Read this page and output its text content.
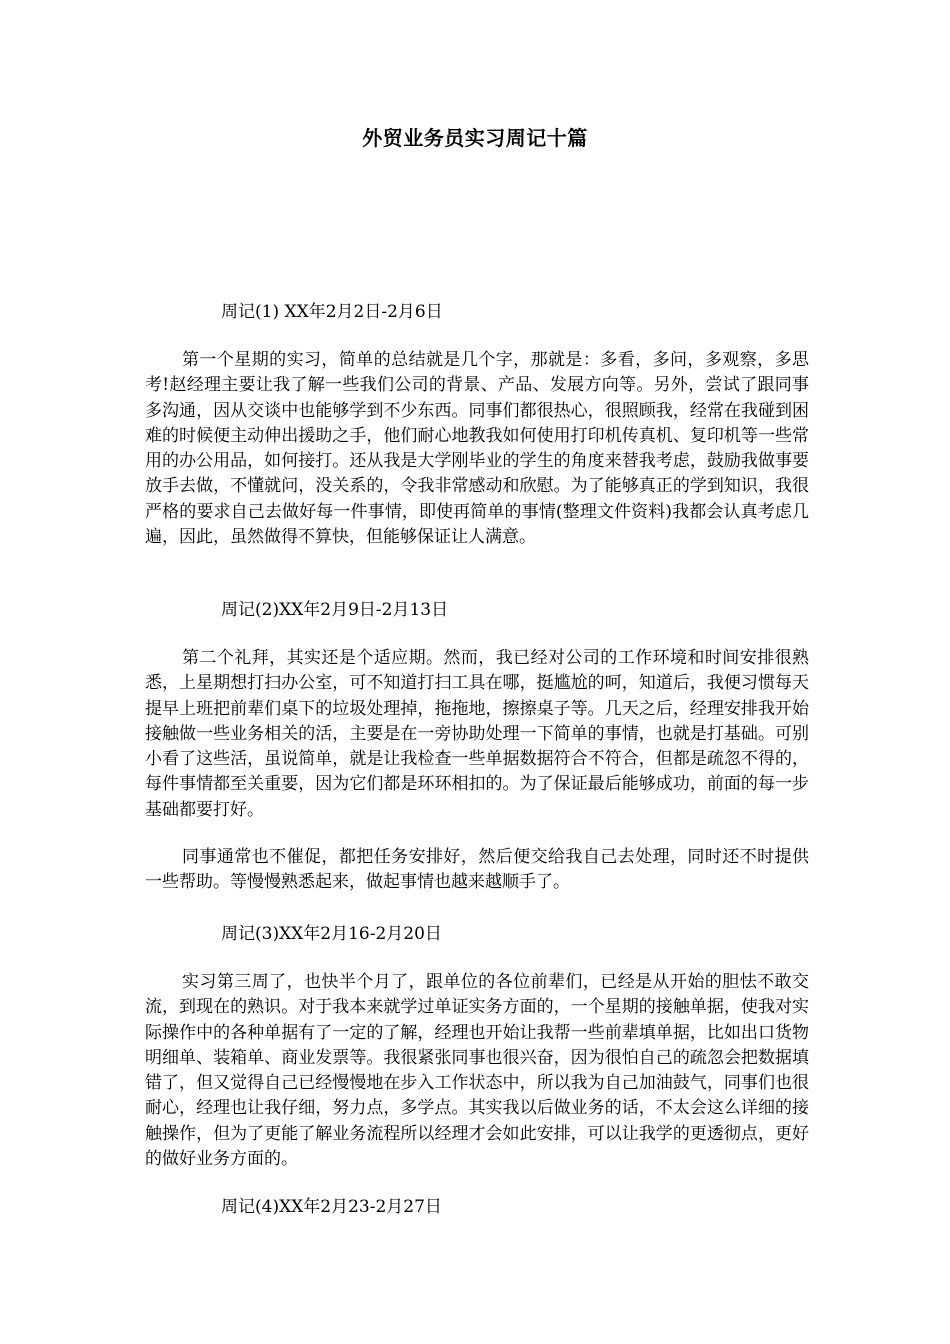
外贸业务员实习周记十篇
周记(1) XX年2月2日-2月6日

第一个星期的实习，简单的总结就是几个字，那就是：多看，多问，多观察，多思考!赵经理主要让我了解一些我们公司的背景、产品、发展方向等。另外，尝试了跟同事多沟通，因从交谈中也能够学到不少东西。同事们都很热心，很照顾我，经常在我碰到困难的时候便主动伸出援助之手，他们耐心地教我如何使用打印机传真机、复印机等一些常用的办公用品，如何接打。还从我是大学刚毕业的学生的角度来替我考虑，鼓励我做事要放手去做，不懂就问，没关系的，令我非常感动和欣慰。为了能够真正的学到知识，我很严格的要求自己去做好每一件事情，即使再简单的事情(整理文件资料)我都会认真考虑几遍，因此，虽然做得不算快，但能够保证让人满意。

周记(2)XX年2月9日-2月13日

第二个礼拜，其实还是个适应期。然而，我已经对公司的工作环境和时间安排很熟悉，上星期想打扫办公室，可不知道打扫工具在哪，挺尴尬的呵，知道后，我便习惯每天提早上班把前辈们桌下的垃圾处理掉，拖拖地，擦擦桌子等。几天之后，经理安排我开始接触做一些业务相关的活，主要是在一旁协助处理一下简单的事情，也就是打基础。可别小看了这些活，虽说简单，就是让我检查一些单据数据符合不符合，但都是疏忽不得的，每件事情都至关重要，因为它们都是环环相扣的。为了保证最后能够成功，前面的每一步基础都要打好。

同事通常也不催促，都把任务安排好，然后便交给我自己去处理，同时还不时提供一些帮助。等慢慢熟悉起来，做起事情也越来越顺手了。

周记(3)XX年2月16-2月20日

实习第三周了，也快半个月了，跟单位的各位前辈们，已经是从开始的胆怯不敢交流，到现在的熟识。对于我本来就学过单证实务方面的，一个星期的接触单据，使我对实际操作中的各种单据有了一定的了解，经理也开始让我帮一些前辈填单据，比如出口货物明细单、装箱单、商业发票等。我很紧张同事也很兴奋，因为很怕自己的疏忽会把数据填错了，但又觉得自己已经慢慢地在步入工作状态中，所以我为自己加油鼓气，同事们也很耐心，经理也让我仔细，努力点，多学点。其实我以后做业务的话，不太会这么详细的接触操作，但为了更能了解业务流程所以经理才会如此安排，可以让我学的更透彻点，更好的做好业务方面的。

周记(4)XX年2月23-2月27日
